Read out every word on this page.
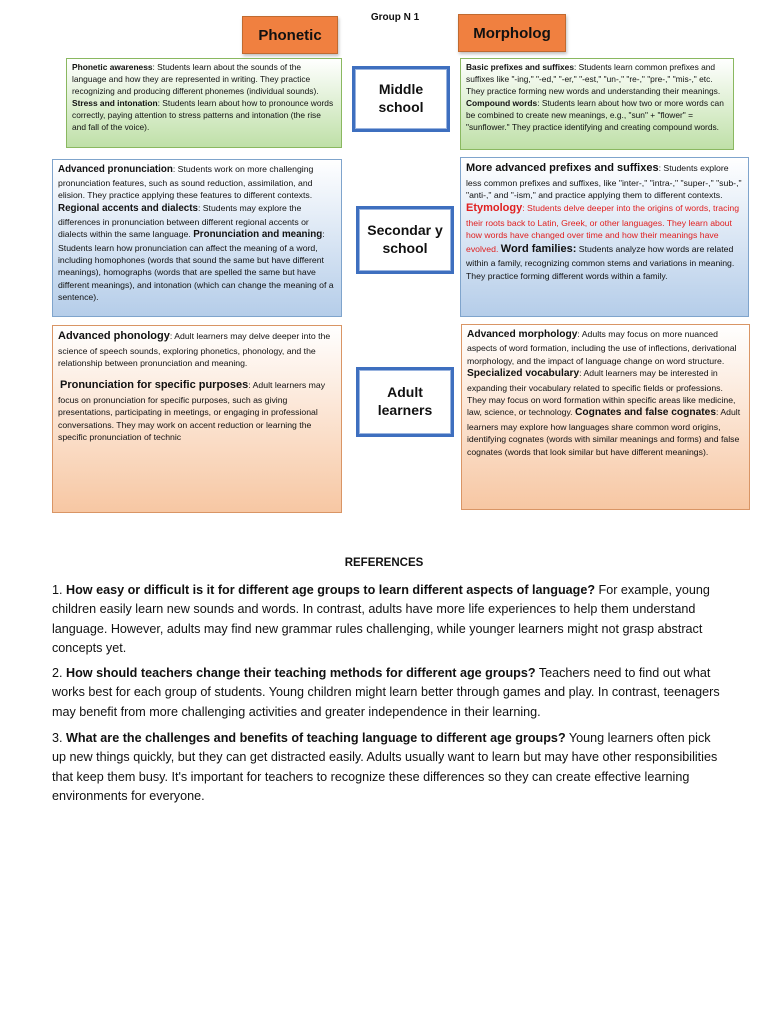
Group N 1
Phonetic	Morpholog
Phonetic awareness: Students learn about the sounds of the language and how they are represented in writing. They practice recognizing and producing different phonemes (individual sounds). Stress and intonation: Students learn about how to pronounce words correctly, paying attention to stress patterns and intonation (the rise and fall of the voice).
Advanced pronunciation: Students work on more challenging pronunciation features, such as sound reduction, assimilation, and elision. They practice applying these features to different contexts. Regional accents and dialects: Students may explore the differences in pronunciation between different regional accents or dialects within the same language. Pronunciation and meaning: Students learn how pronunciation can affect the meaning of a word, including homophones (words that sound the same but have different meanings), homographs (words that are spelled the same but have different meanings), and intonation (which can change the meaning of a sentence).
Advanced phonology: Adult learners may delve deeper into the science of speech sounds, exploring phonetics, phonology, and the relationship between pronunciation and meaning.
Pronunciation for specific purposes: Adult learners may focus on pronunciation for specific purposes, such as giving presentations, participating in meetings, or engaging in professional conversations. They may work on accent reduction or learning the specific pronunciation of technic
Middle school
Secondar y school
Adult learners
Basic prefixes and suffixes: Students learn common prefixes and suffixes like "-ing," "-ed," "-er," "-est," "un-," "re-," "pre-," "mis-," etc. They practice forming new words and understanding their meanings. Compound words: Students learn about how two or more words can be combined to create new meanings, e.g., "sun" + "flower" = "sunflower." They practice identifying and creating compound words.
More advanced prefixes and suffixes: Students explore less common prefixes and suffixes, like "inter-," "intra-," "super-," "sub-," "anti-," and "-ism," and practice applying them to different contexts. Etymology: Students delve deeper into the origins of words, tracing their roots back to Latin, Greek, or other languages. They learn about how words have changed over time and how their meanings have evolved. Word families: Students analyze how words are related within a family, recognizing common stems and variations in meaning. They practice forming different words within a family.
Advanced morphology: Adults may focus on more nuanced aspects of word formation, including the use of inflections, derivational morphology, and the impact of language change on word structure. Specialized vocabulary: Adult learners may be interested in expanding their vocabulary related to specific fields or professions. They may focus on word formation within specific areas like medicine, law, science, or technology. Cognates and false cognates: Adult learners may explore how languages share common word origins, identifying cognates (words with similar meanings and forms) and false cognates (words that look similar but have different meanings).
REFERENCES

1. How easy or difficult is it for different age groups to learn different aspects of language? For example, young children easily learn new sounds and words. In contrast, adults have more life experiences to help them understand language. However, adults may find new grammar rules challenging, while younger learners might not grasp abstract concepts yet.

2. How should teachers change their teaching methods for different age groups? Teachers need to find out what works best for each group of students. Young children might learn better through games and play. In contrast, teenagers may benefit from more challenging activities and greater independence in their learning.

3. What are the challenges and benefits of teaching language to different age groups? Young learners often pick up new things quickly, but they can get distracted easily. Adults usually want to learn but may have other responsibilities that keep them busy. It's important for teachers to recognize these differences so they can create effective learning environments for everyone.
